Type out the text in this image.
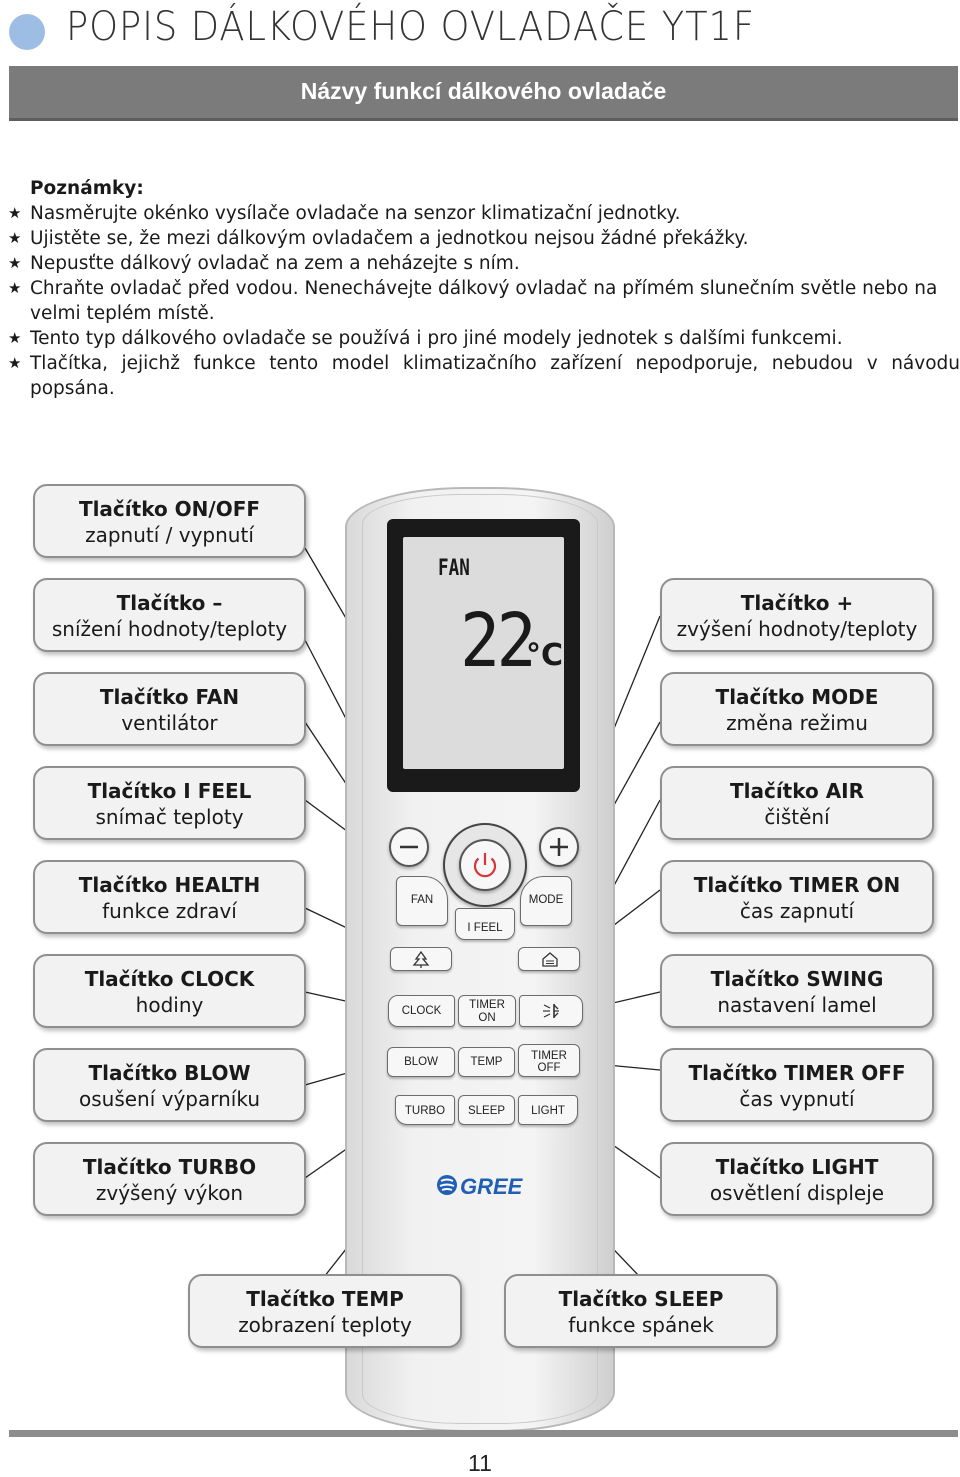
POPIS DÁLKOVÉHO OVLADAČE YT1F
Názvy funkcí dálkového ovladače
Poznámky:
★ Nasměrujte okénko vysílače ovladače na senzor klimatizační jednotky.
★ Ujistěte se, že mezi dálkovým ovladačem a jednotkou nejsou žádné překážky.
★ Nepusťte dálkový ovladač na zem a neházejte s ním.
★ Chraňte ovladač před vodou. Nenechávejte dálkový ovladač na přímém slunečním světle nebo na velmi teplém místě.
★ Tento typ dálkového ovladače se používá i pro jiné modely jednotek s dalšími funkcemi.
★ Tlačítka, jejichž funkce tento model klimatizačního zařízení nepodporuje, nebudou v návodu popsána.
FAN
22
°C
FAN	MODE
I FEEL
CLOCK	TIMER
ON
BLOW	TEMP	TIMER
OFF
TURBO	SLEEP	LIGHT
GREE
Tlačítko ON/OFF
zapnutí / vypnutí
Tlačítko –
snížení hodnoty/teploty
Tlačítko FAN
ventilátor
Tlačítko I FEEL
snímač teploty
Tlačítko HEALTH
funkce zdraví
Tlačítko CLOCK
hodiny
Tlačítko BLOW
osušení výparníku
Tlačítko TURBO
zvýšený výkon
Tlačítko +
zvýšení hodnoty/teploty
Tlačítko MODE
změna režimu
Tlačítko AIR
čištění
Tlačítko TIMER ON
čas zapnutí
Tlačítko SWING
nastavení lamel
Tlačítko TIMER OFF
čas vypnutí
Tlačítko LIGHT
osvětlení displeje
Tlačítko TEMP
zobrazení teploty
Tlačítko SLEEP
funkce spánek
11
